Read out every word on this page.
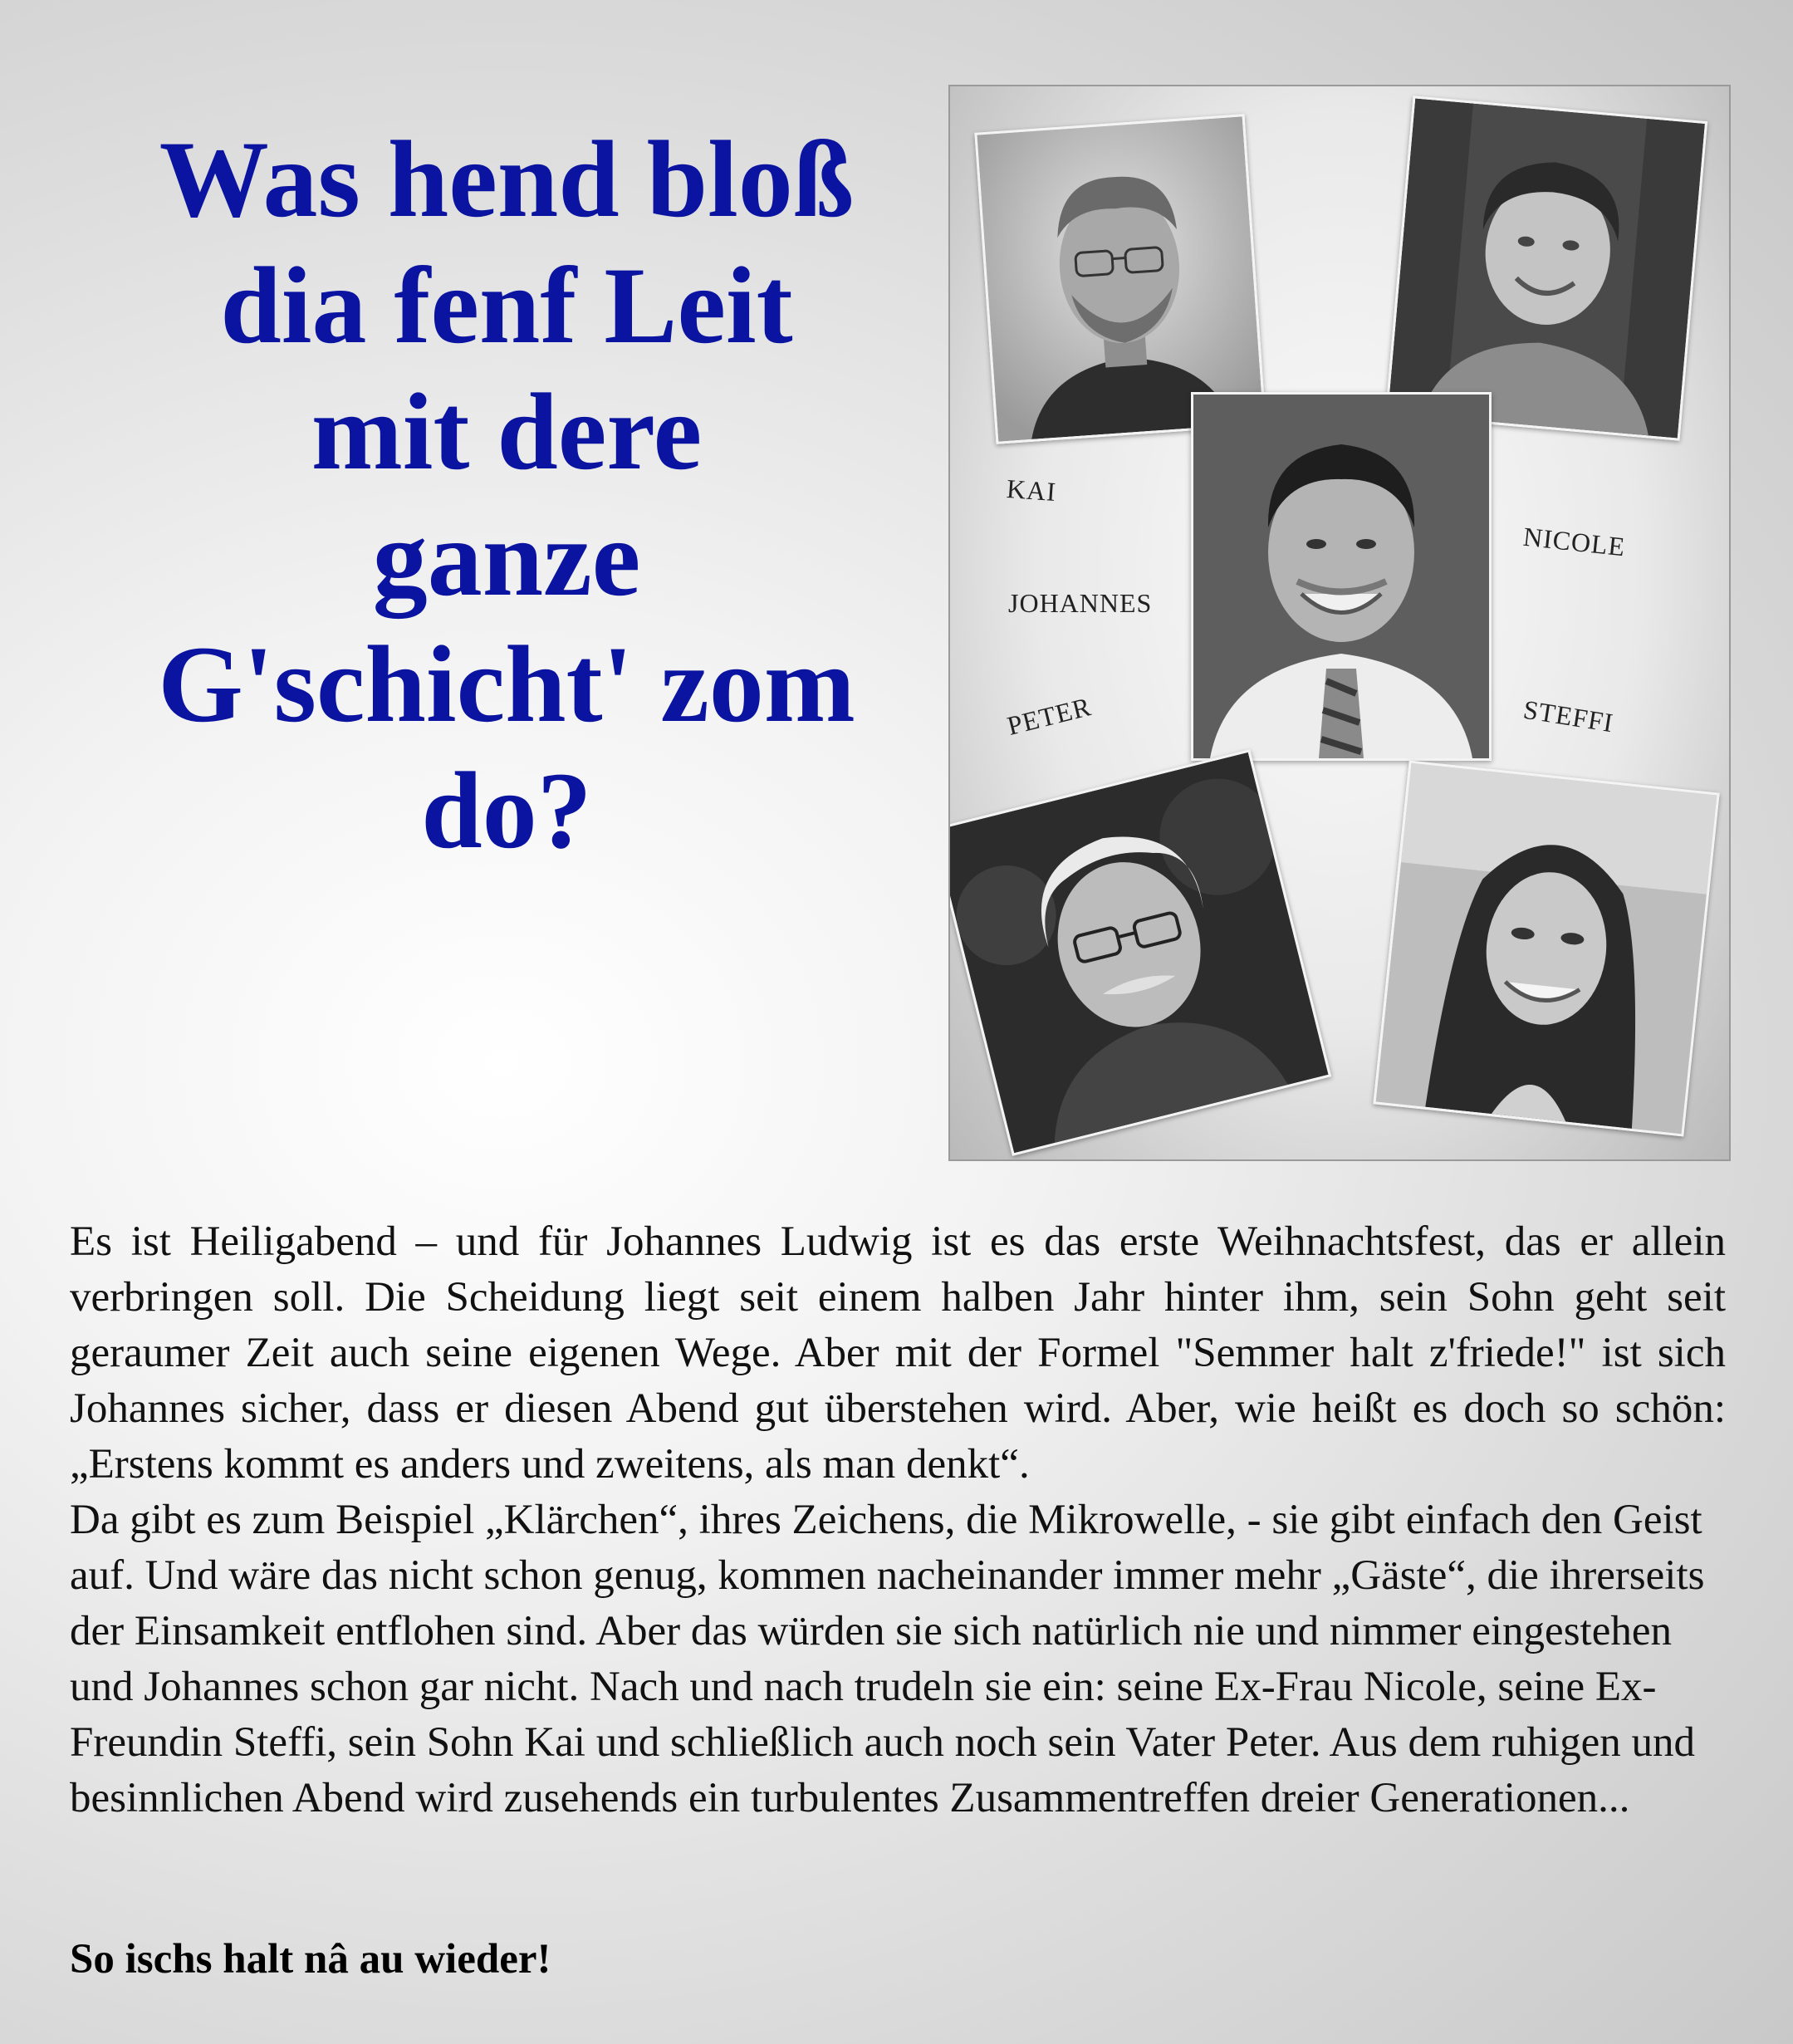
Was hend bloß
dia fenf Leit
mit dere
ganze
G'schicht' zom
do?
KAI
JOHANNES
PETER
NICOLE
STEFFI

Es ist Heiligabend – und für Johannes Ludwig ist es das erste Weihnachtsfest, das er allein verbringen soll. Die Scheidung liegt seit einem halben Jahr hinter ihm, sein Sohn geht seit geraumer Zeit auch seine eigenen Wege. Aber mit der Formel "Semmer halt z'friede!" ist sich Johannes sicher, dass er diesen Abend gut überstehen wird. Aber, wie heißt es doch so schön: „Erstens kommt es anders und zweitens, als man denkt“.

Da gibt es zum Beispiel „Klärchen“, ihres Zeichens, die Mikrowelle, - sie gibt einfach den Geist auf. Und wäre das nicht schon genug, kommen nacheinander immer mehr „Gäste“, die ihrerseits der Einsamkeit entflohen sind. Aber das würden sie sich natürlich nie und nimmer eingestehen und Johannes schon gar nicht. Nach und nach trudeln sie ein: seine Ex-Frau Nicole, seine Ex-Freundin Steffi, sein Sohn Kai und schließlich auch noch sein Vater Peter. Aus dem ruhigen und besinnlichen Abend wird zusehends ein turbulentes Zusammentreffen dreier Generationen...

So ischs halt nâ au wieder!
